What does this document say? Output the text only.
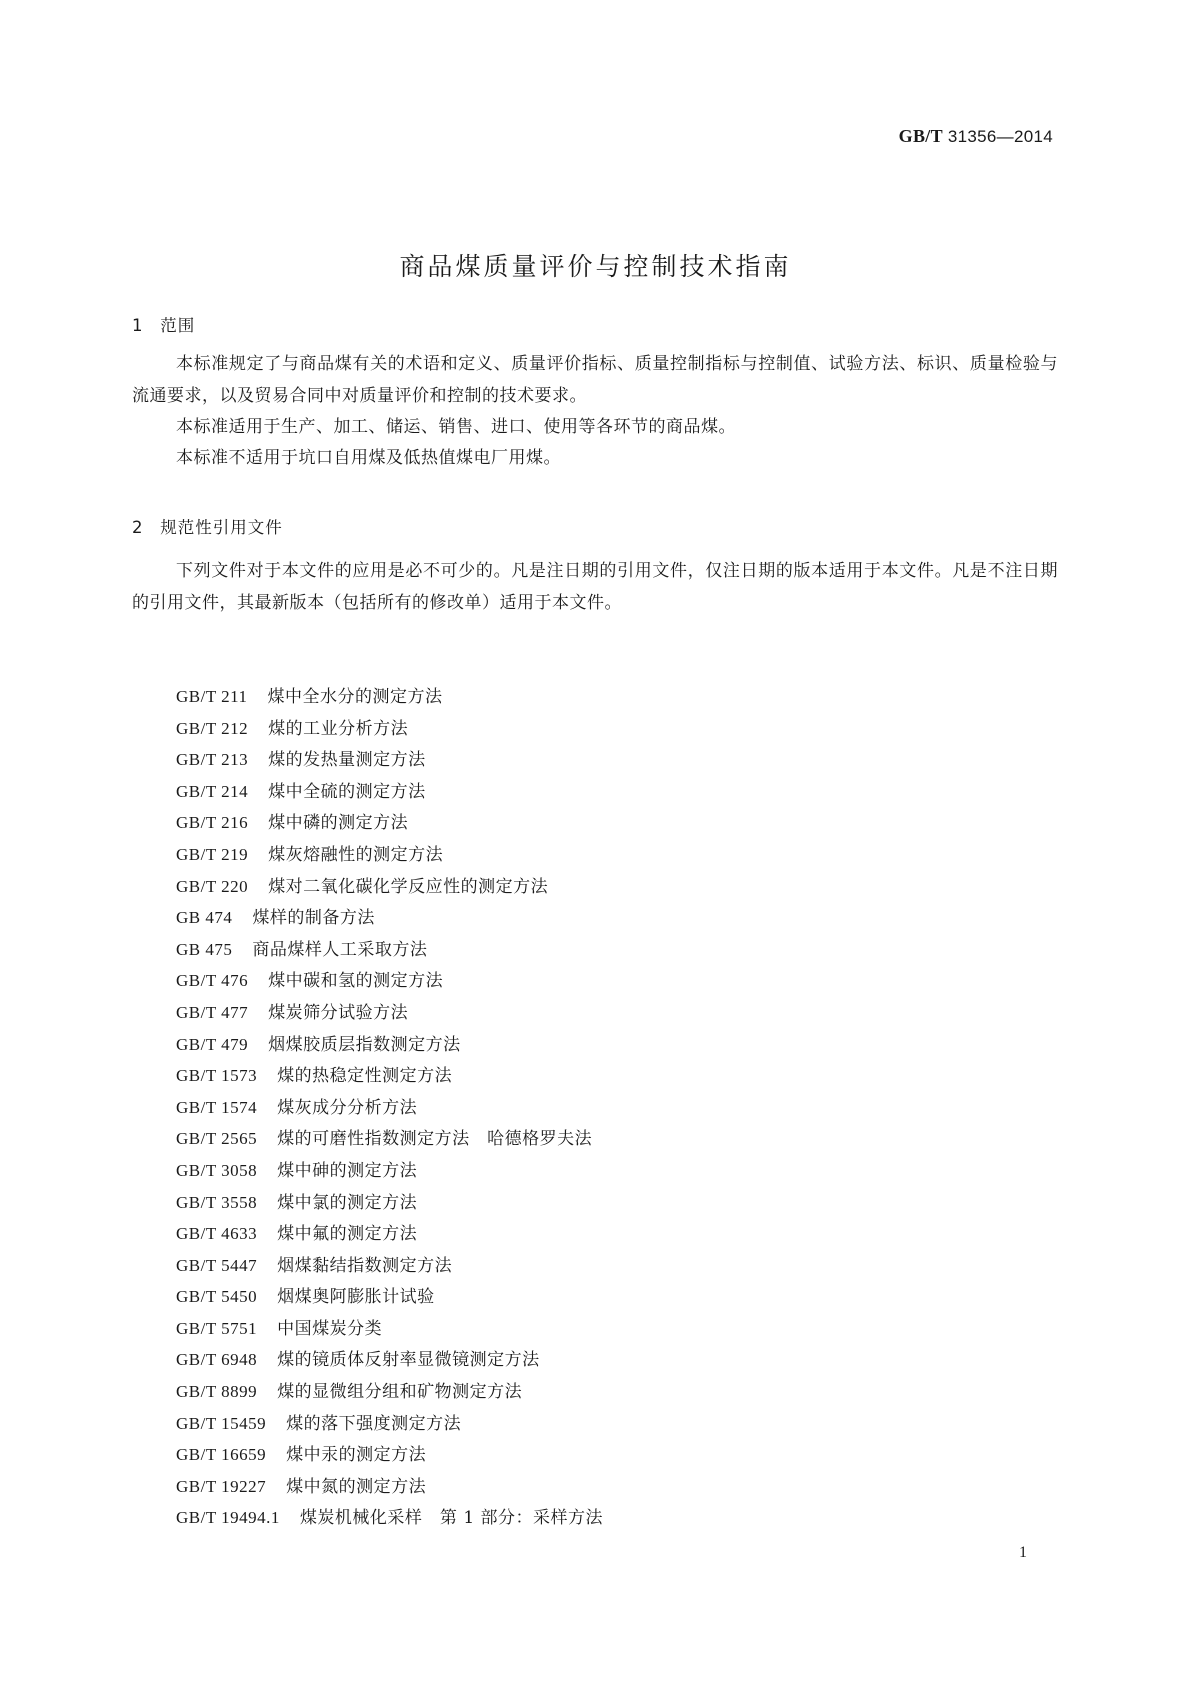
GB/T 31356—2014
商品煤质量评价与控制技术指南
1 范围

本标准规定了与商品煤有关的术语和定义、质量评价指标、质量控制指标与控制值、试验方法、标识、质量检验与流通要求，以及贸易合同中对质量评价和控制的技术要求。

本标准适用于生产、加工、储运、销售、进口、使用等各环节的商品煤。

本标准不适用于坑口自用煤及低热值煤电厂用煤。

2 规范性引用文件

下列文件对于本文件的应用是必不可少的。凡是注日期的引用文件，仅注日期的版本适用于本文件。凡是不注日期的引用文件，其最新版本（包括所有的修改单）适用于本文件。

GB/T 211 煤中全水分的测定方法
GB/T 212 煤的工业分析方法
GB/T 213 煤的发热量测定方法
GB/T 214 煤中全硫的测定方法
GB/T 216 煤中磷的测定方法
GB/T 219 煤灰熔融性的测定方法
GB/T 220 煤对二氧化碳化学反应性的测定方法
GB 474 煤样的制备方法
GB 475 商品煤样人工采取方法
GB/T 476 煤中碳和氢的测定方法
GB/T 477 煤炭筛分试验方法
GB/T 479 烟煤胶质层指数测定方法
GB/T 1573 煤的热稳定性测定方法
GB/T 1574 煤灰成分分析方法
GB/T 2565 煤的可磨性指数测定方法　哈德格罗夫法
GB/T 3058 煤中砷的测定方法
GB/T 3558 煤中氯的测定方法
GB/T 4633 煤中氟的测定方法
GB/T 5447 烟煤黏结指数测定方法
GB/T 5450 烟煤奥阿膨胀计试验
GB/T 5751 中国煤炭分类
GB/T 6948 煤的镜质体反射率显微镜测定方法
GB/T 8899 煤的显微组分组和矿物测定方法
GB/T 15459 煤的落下强度测定方法
GB/T 16659 煤中汞的测定方法
GB/T 19227 煤中氮的测定方法
GB/T 19494.1 煤炭机械化采样　第 1 部分：采样方法
1
